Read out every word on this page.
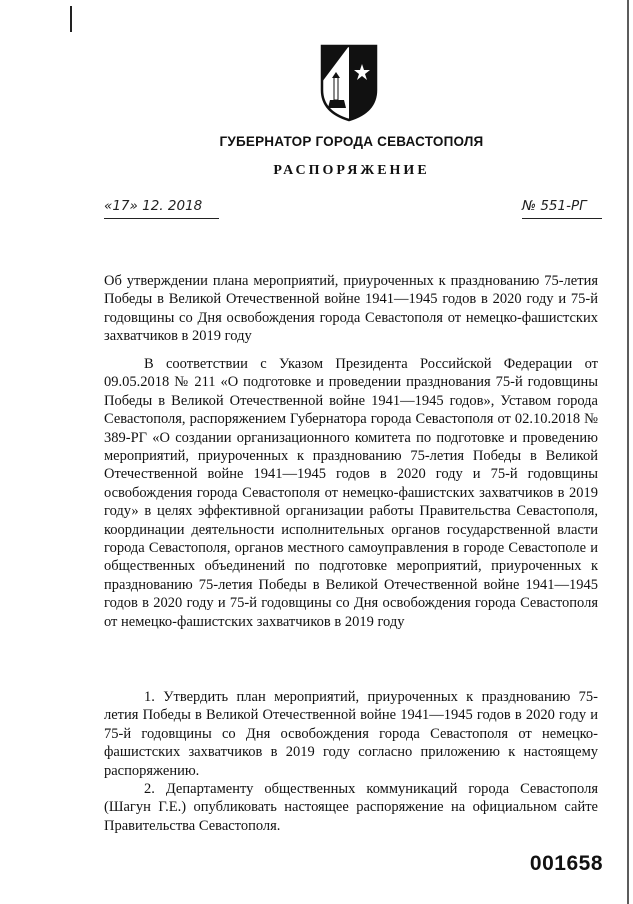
ГУБЕРНАТОР ГОРОДА СЕВАСТОПОЛЯ
РАСПОРЯЖЕНИЕ
«17» 12. 2018	№ 551-РГ
Об утверждении плана мероприятий, приуроченных к празднованию 75-летия Победы в Великой Отечественной войне 1941—1945 годов в 2020 году и 75-й годовщины со Дня освобождения города Севастополя от немецко-фашистских захватчиков в 2019 году

В соответствии с Указом Президента Российской Федерации от 09.05.2018 № 211 «О подготовке и проведении празднования 75-й годовщины Победы в Великой Отечественной войне 1941—1945 годов», Уставом города Севастополя, распоряжением Губернатора города Севастополя от 02.10.2018 № 389-РГ «О создании организационного комитета по подготовке и проведению мероприятий, приуроченных к празднованию 75-летия Победы в Великой Отечественной войне 1941—1945 годов в 2020 году и 75-й годовщины освобождения города Севастополя от немецко-фашистских захватчиков в 2019 году» в целях эффективной организации работы Правительства Севастополя, координации деятельности исполнительных органов государственной власти города Севастополя, органов местного самоуправления в городе Севастополе и общественных объединений по подготовке мероприятий, приуроченных к празднованию 75-летия Победы в Великой Отечественной войне 1941—1945 годов в 2020 году и 75-й годовщины со Дня освобождения города Севастополя от немецко-фашистских захватчиков в 2019 году

1. Утвердить план мероприятий, приуроченных к празднованию 75-летия Победы в Великой Отечественной войне 1941—1945 годов в 2020 году и 75-й годовщины со Дня освобождения города Севастополя от немецко-фашистских захватчиков в 2019 году согласно приложению к настоящему распоряжению.

2. Департаменту общественных коммуникаций города Севастополя (Шагун Г.Е.) опубликовать настоящее распоряжение на официальном сайте Правительства Севастополя.

001658
